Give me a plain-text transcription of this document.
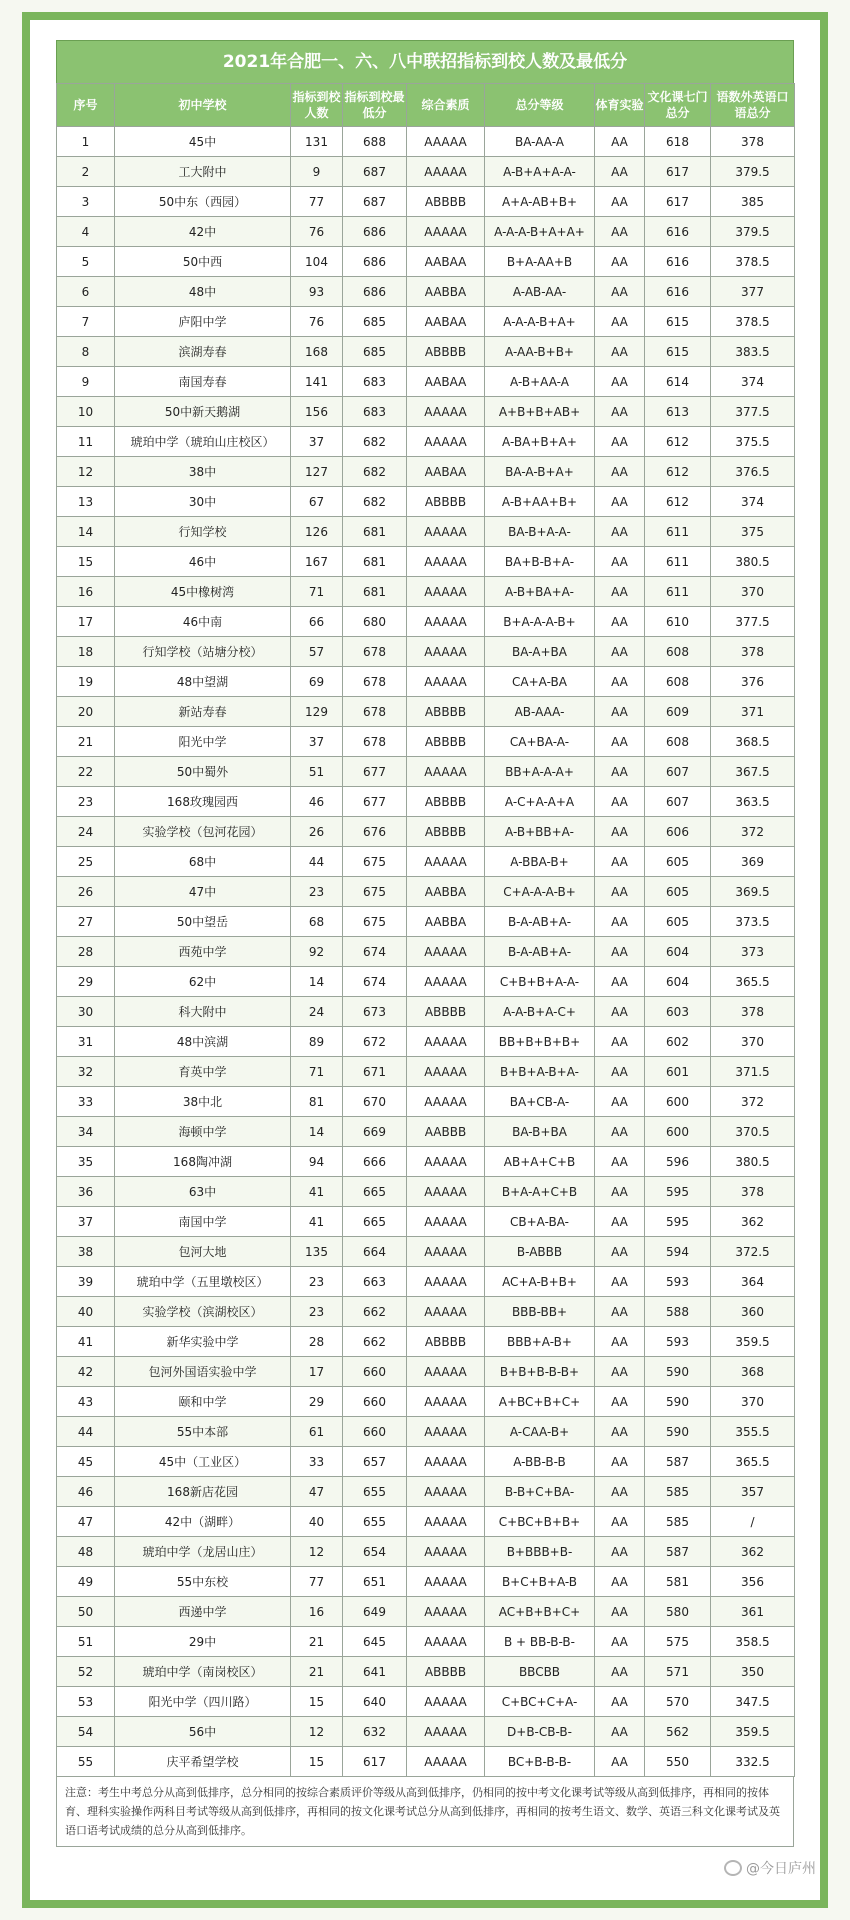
2021年合肥一、六、八中联招指标到校人数及最低分
序号	初中学校	指标到校人数	指标到校最低分	综合素质	总分等级	体育实验	文化课七门总分	语数外英语口语总分
1	45中	131	688	AAAAA	BA-AA-A	AA	618	378
2	工大附中	9	687	AAAAA	A-B+A+A-A-	AA	617	379.5
3	50中东（西园）	77	687	ABBBB	A+A-AB+B+	AA	617	385
4	42中	76	686	AAAAA	A-A-A-B+A+A+	AA	616	379.5
5	50中西	104	686	AABAA	B+A-AA+B	AA	616	378.5
6	48中	93	686	AABBA	A-AB-AA-	AA	616	377
7	庐阳中学	76	685	AABAA	A-A-A-B+A+	AA	615	378.5
8	滨湖寿春	168	685	ABBBB	A-AA-B+B+	AA	615	383.5
9	南国寿春	141	683	AABAA	A-B+AA-A	AA	614	374
10	50中新天鹅湖	156	683	AAAAA	A+B+B+AB+	AA	613	377.5
11	琥珀中学（琥珀山庄校区）	37	682	AAAAA	A-BA+B+A+	AA	612	375.5
12	38中	127	682	AABAA	BA-A-B+A+	AA	612	376.5
13	30中	67	682	ABBBB	A-B+AA+B+	AA	612	374
14	行知学校	126	681	AAAAA	BA-B+A-A-	AA	611	375
15	46中	167	681	AAAAA	BA+B-B+A-	AA	611	380.5
16	45中橡树湾	71	681	AAAAA	A-B+BA+A-	AA	611	370
17	46中南	66	680	AAAAA	B+A-A-A-B+	AA	610	377.5
18	行知学校（站塘分校）	57	678	AAAAA	BA-A+BA	AA	608	378
19	48中望湖	69	678	AAAAA	CA+A-BA	AA	608	376
20	新站寿春	129	678	ABBBB	AB-AAA-	AA	609	371
21	阳光中学	37	678	ABBBB	CA+BA-A-	AA	608	368.5
22	50中蜀外	51	677	AAAAA	BB+A-A-A+	AA	607	367.5
23	168玫瑰园西	46	677	ABBBB	A-C+A-A+A	AA	607	363.5
24	实验学校（包河花园）	26	676	ABBBB	A-B+BB+A-	AA	606	372
25	68中	44	675	AAAAA	A-BBA-B+	AA	605	369
26	47中	23	675	AABBA	C+A-A-A-B+	AA	605	369.5
27	50中望岳	68	675	AABBA	B-A-AB+A-	AA	605	373.5
28	西苑中学	92	674	AAAAA	B-A-AB+A-	AA	604	373
29	62中	14	674	AAAAA	C+B+B+A-A-	AA	604	365.5
30	科大附中	24	673	ABBBB	A-A-B+A-C+	AA	603	378
31	48中滨湖	89	672	AAAAA	BB+B+B+B+	AA	602	370
32	育英中学	71	671	AAAAA	B+B+A-B+A-	AA	601	371.5
33	38中北	81	670	AAAAA	BA+CB-A-	AA	600	372
34	海顿中学	14	669	AABBB	BA-B+BA	AA	600	370.5
35	168陶冲湖	94	666	AAAAA	AB+A+C+B	AA	596	380.5
36	63中	41	665	AAAAA	B+A-A+C+B	AA	595	378
37	南国中学	41	665	AAAAA	CB+A-BA-	AA	595	362
38	包河大地	135	664	AAAAA	B-ABBB	AA	594	372.5
39	琥珀中学（五里墩校区）	23	663	AAAAA	AC+A-B+B+	AA	593	364
40	实验学校（滨湖校区）	23	662	AAAAA	BBB-BB+	AA	588	360
41	新华实验中学	28	662	ABBBB	BBB+A-B+	AA	593	359.5
42	包河外国语实验中学	17	660	AAAAA	B+B+B-B-B+	AA	590	368
43	颐和中学	29	660	AAAAA	A+BC+B+C+	AA	590	370
44	55中本部	61	660	AAAAA	A-CAA-B+	AA	590	355.5
45	45中（工业区）	33	657	AAAAA	A-BB-B-B	AA	587	365.5
46	168新店花园	47	655	AAAAA	B-B+C+BA-	AA	585	357
47	42中（湖畔）	40	655	AAAAA	C+BC+B+B+	AA	585	/
48	琥珀中学（龙居山庄）	12	654	AAAAA	B+BBB+B-	AA	587	362
49	55中东校	77	651	AAAAA	B+C+B+A-B	AA	581	356
50	西递中学	16	649	AAAAA	AC+B+B+C+	AA	580	361
51	29中	21	645	AAAAA	B + BB-B-B-	AA	575	358.5
52	琥珀中学（南岗校区）	21	641	ABBBB	BBCBB	AA	571	350
53	阳光中学（四川路）	15	640	AAAAA	C+BC+C+A-	AA	570	347.5
54	56中	12	632	AAAAA	D+B-CB-B-	AA	562	359.5
55	庆平希望学校	15	617	AAAAA	BC+B-B-B-	AA	550	332.5
注意：考生中考总分从高到低排序，总分相同的按综合素质评价等级从高到低排序，仍相同的按中考文化课考试等级从高到低排序，再相同的按体育、理科实验操作两科目考试等级从高到低排序，再相同的按文化课考试总分从高到低排序，再相同的按考生语文、数学、英语三科文化课考试及英语口语考试成绩的总分从高到低排序。
@今日庐州
